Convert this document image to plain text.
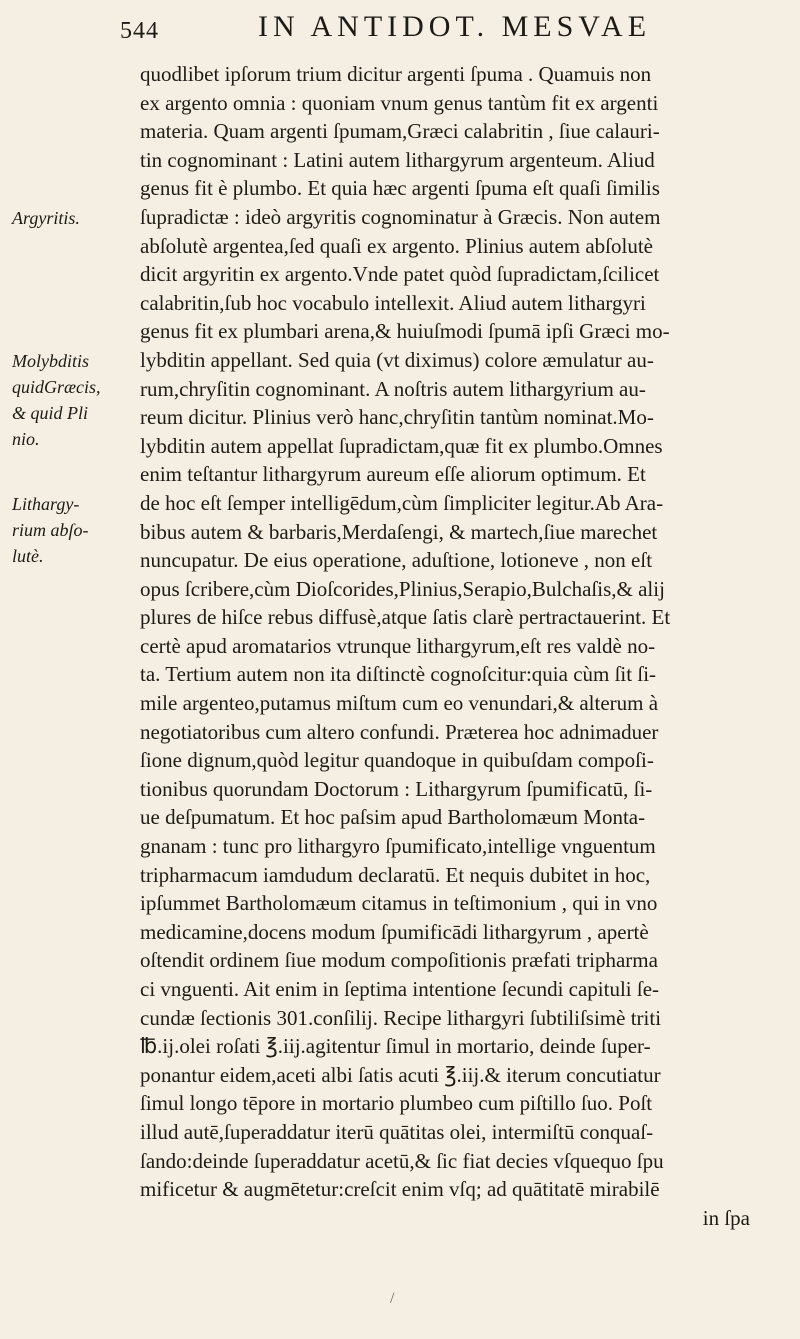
544	IN ANTIDOT. MESVAE
Argyritis.
Molybditis
quidGræcis,
& quid Pli
nio.
Lithargy-
rium abſo-
lutè.
quodlibet ipſorum trium dicitur argenti ſpuma . Quamuis non
ex argento omnia : quoniam vnum genus tantùm fit ex argenti
materia. Quam argenti ſpumam,Græci calabritin , ſiue calauri-
tin cognominant : Latini autem lithargyrum argenteum. Aliud
genus fit è plumbo. Et quia hæc argenti ſpuma eſt quaſi ſimilis
ſupradictæ : ideò argyritis cognominatur à Græcis. Non autem
abſolutè argentea,ſed quaſi ex argento. Plinius autem abſolutè
dicit argyritin ex argento.Vnde patet quòd ſupradictam,ſcilicet
calabritin,ſub hoc vocabulo intellexit. Aliud autem lithargyri
genus fit ex plumbari arena,& huiuſmodi ſpumā ipſi Græci mo-
lybditin appellant. Sed quia (vt diximus) colore æmulatur au-
rum,chryſitin cognominant. A noſtris autem lithargyrium au-
reum dicitur. Plinius verò hanc,chryſitin tantùm nominat.Mo-
lybditin autem appellat ſupradictam,quæ fit ex plumbo.Omnes
enim teſtantur lithargyrum aureum eſſe aliorum optimum. Et
de hoc eſt ſemper intelligēdum,cùm ſimpliciter legitur.Ab Ara-
bibus autem & barbaris,Merdaſengi, & martech,ſiue marechet
nuncupatur. De eius operatione, aduſtione, lotioneve , non eſt
opus ſcribere,cùm Dioſcorides,Plinius,Serapio,Bulchaſis,& alij
plures de hiſce rebus diffusè,atque ſatis clarè pertractauerint. Et
certè apud aromatarios vtrunque lithargyrum,eſt res valdè no-
ta. Tertium autem non ita diſtinctè cognoſcitur:quia cùm ſit ſi-
mile argenteo,putamus miſtum cum eo venundari,& alterum à
negotiatoribus cum altero confundi. Præterea hoc adnimaduer
ſione dignum,quòd legitur quandoque in quibuſdam compoſi-
tionibus quorundam Doctorum : Lithargyrum ſpumificatū, ſi-
ue deſpumatum. Et hoc paſsim apud Bartholomæum Monta-
gnanam : tunc pro lithargyro ſpumificato,intellige vnguentum
tripharmacum iamdudum declaratū. Et nequis dubitet in hoc,
ipſummet Bartholomæum citamus in teſtimonium , qui in vno
medicamine,docens modum ſpumificādi lithargyrum , apertè
oſtendit ordinem ſiue modum compoſitionis præfati tripharma
ci vnguenti. Ait enim in ſeptima intentione ſecundi capituli ſe-
cundæ ſectionis 301.conſilij. Recipe lithargyri ſubtiliſsimè triti
℔.ij.olei roſati ℥.iij.agitentur ſimul in mortario, deinde ſuper-
ponantur eidem,aceti albi ſatis acuti ℥.iij.& iterum concutiatur
ſimul longo tēpore in mortario plumbeo cum piſtillo ſuo. Poſt
illud autē,ſuperaddatur iterū quātitas olei, intermiſtū conquaſ-
ſando:deinde ſuperaddatur acetū,& ſic fiat decies vſquequo ſpu
mificetur & augmētetur:creſcit enim vſq; ad quātitatē mirabilē
in ſpa
/
